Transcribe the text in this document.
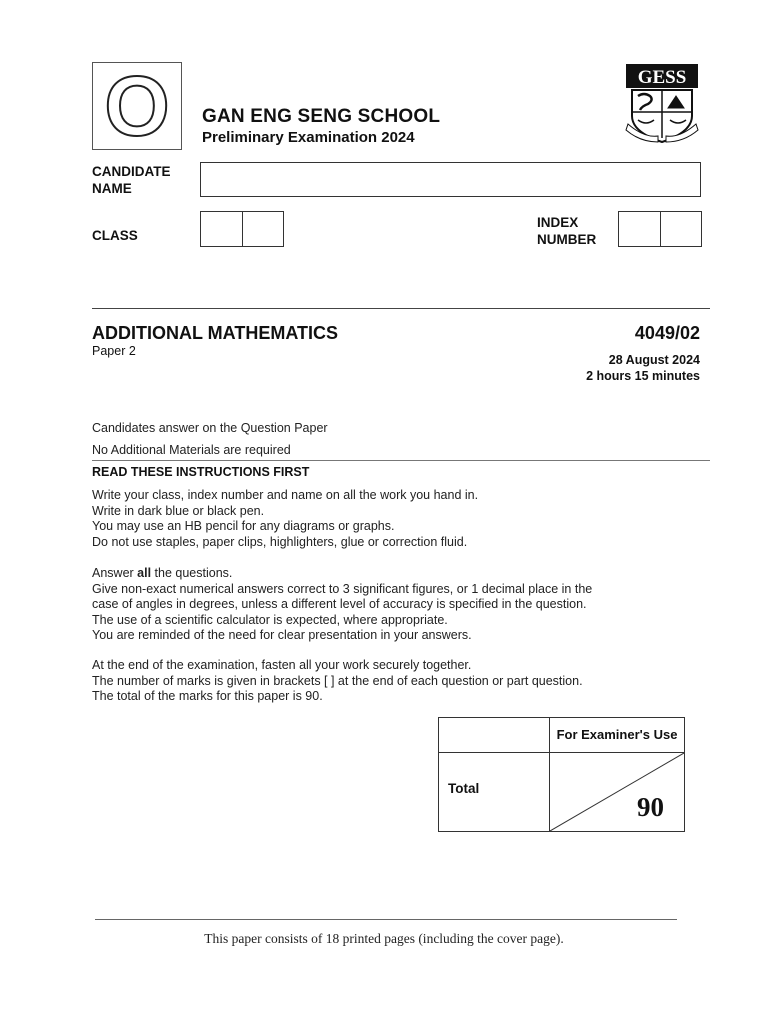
O GAN ENG SENG SCHOOL
Preliminary Examination 2024
GESS
CANDIDATE
NAME
CLASS
INDEX
NUMBER
ADDITIONAL MATHEMATICS
Paper 2
4049/02
28 August 2024
2 hours 15 minutes
Candidates answer on the Question Paper
No Additional Materials are required
READ THESE INSTRUCTIONS FIRST
Write your class, index number and name on all the work you hand in.
Write in dark blue or black pen.
You may use an HB pencil for any diagrams or graphs.
Do not use staples, paper clips, highlighters, glue or correction fluid.
Answer all the questions.
Give non-exact numerical answers correct to 3 significant figures, or 1 decimal place in the
case of angles in degrees, unless a different level of accuracy is specified in the question.
The use of a scientific calculator is expected, where appropriate.
You are reminded of the need for clear presentation in your answers.
At the end of the examination, fasten all your work securely together.
The number of marks is given in brackets [ ] at the end of each question or part question.
The total of the marks for this paper is 90.
For Examiner's Use
Total
90
This paper consists of 18 printed pages (including the cover page).
